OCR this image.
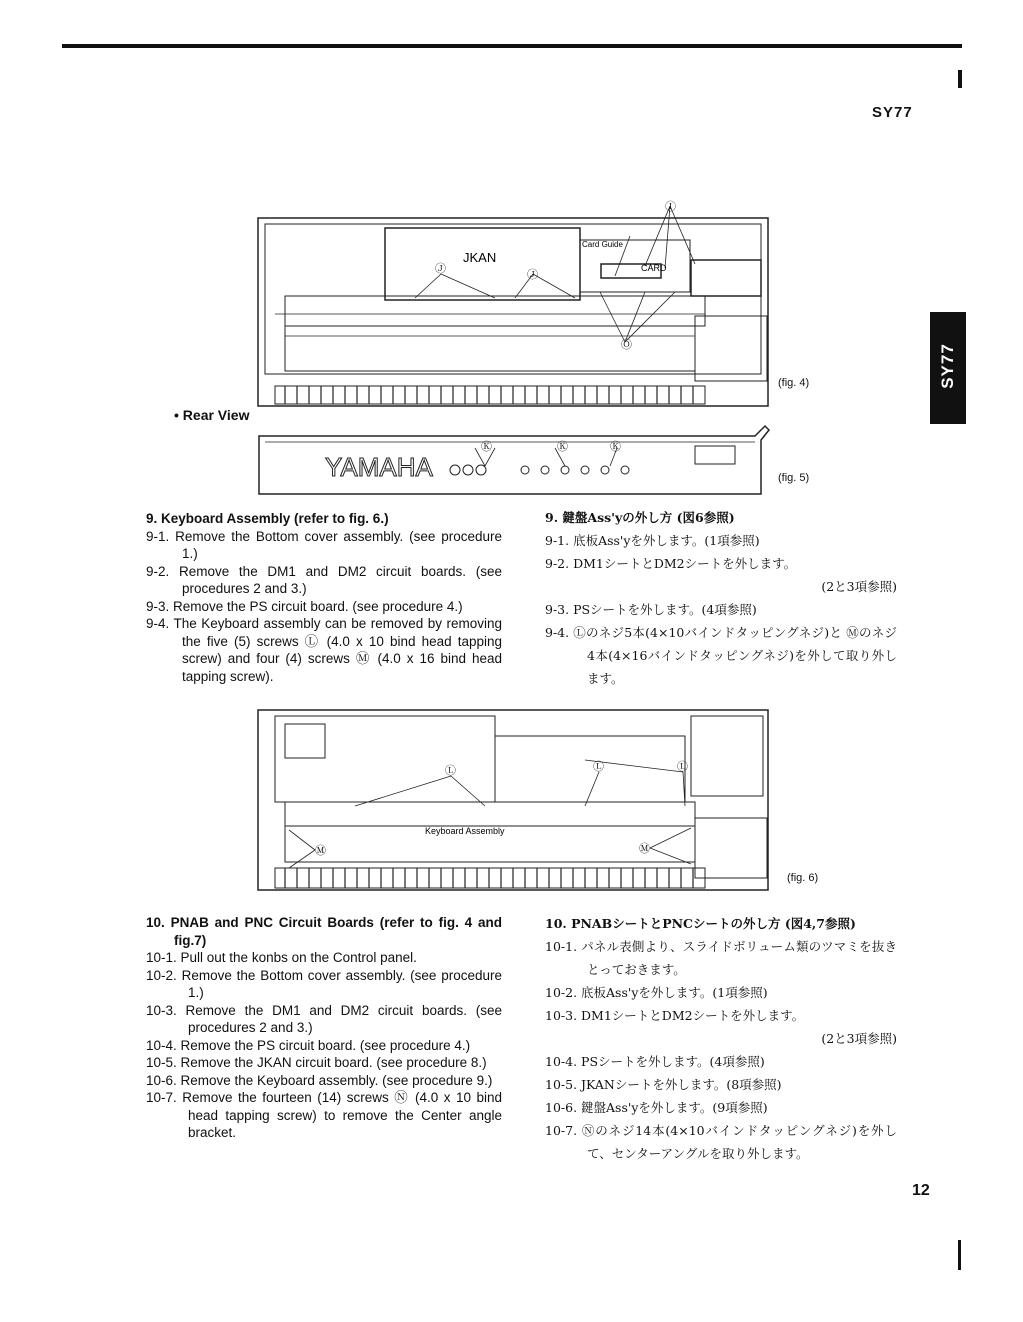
SY77
SY77
JKAN
Card Guide
CARD
Ⓘ
Ⓙ	Ⓙ
Ⓞ
(fig. 4)
• Rear View
YAMAHA
Ⓚ	Ⓚ	Ⓚ
(fig. 5)
9. Keyboard Assembly (refer to fig. 6.)
9-1. Remove the Bottom cover assembly. (see procedure 1.)
9-2. Remove the DM1 and DM2 circuit boards. (see procedures 2 and 3.)
9-3. Remove the PS circuit board. (see procedure 4.)
9-4. The Keyboard assembly can be removed by removing the five (5) screws Ⓛ (4.0 x 10 bind head tapping screw) and four (4) screws Ⓜ (4.0 x 16 bind head tapping screw).
9. 鍵盤Ass'yの外し方 (図6参照)
9-1. 底板Ass'yを外します。(1項参照)
9-2. DM1シートとDM2シートを外します。
(2と3項参照)
9-3. PSシートを外します。(4項参照)
9-4. Ⓛのネジ5本(4×10バインドタッピングネジ)と Ⓜのネジ4本(4×16バインドタッピングネジ)を外して取り外します。
Keyboard Assembly
Ⓛ	Ⓛ	Ⓛ
Ⓜ	Ⓜ
(fig. 6)
10. PNAB and PNC Circuit Boards (refer to fig. 4 and fig.7)
10-1. Pull out the konbs on the Control panel.
10-2. Remove the Bottom cover assembly. (see procedure 1.)
10-3. Remove the DM1 and DM2 circuit boards. (see procedures 2 and 3.)
10-4. Remove the PS circuit board. (see procedure 4.)
10-5. Remove the JKAN circuit board. (see procedure 8.)
10-6. Remove the Keyboard assembly. (see procedure 9.)
10-7. Remove the fourteen (14) screws Ⓝ (4.0 x 10 bind head tapping screw) to remove the Center angle bracket.
10. PNABシートとPNCシートの外し方 (図4,7参照)
10-1. パネル表側より、スライドボリューム類のツマミを抜きとっておきます。
10-2. 底板Ass'yを外します。(1項参照)
10-3. DM1シートとDM2シートを外します。
(2と3項参照)
10-4. PSシートを外します。(4項参照)
10-5. JKANシートを外します。(8項参照)
10-6. 鍵盤Ass'yを外します。(9項参照)
10-7. Ⓝのネジ14本(4×10バインドタッピングネジ)を外して、センターアングルを取り外します。
12
